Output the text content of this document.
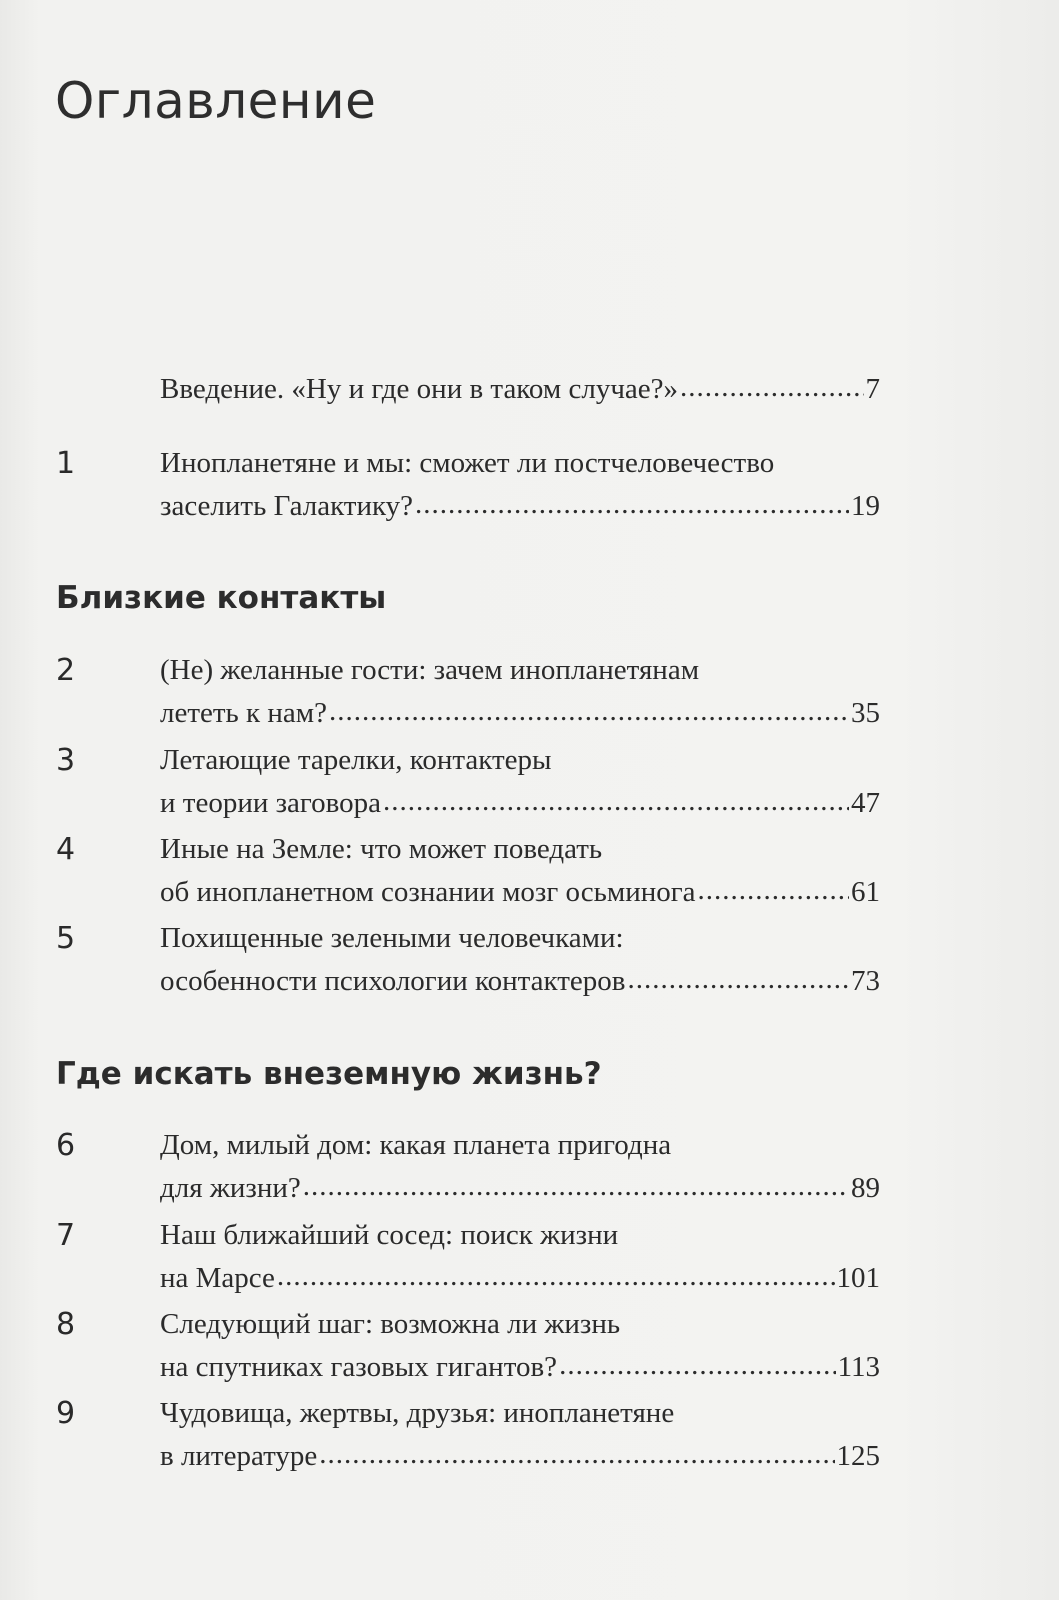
Оглавление
Введение. «Ну и где они в таком случае?» .....	7
1	Инопланетяне и мы: сможет ли постчеловечество
заселить Галактику? .....	19
Близкие контакты
2	(Не) желанные гости: зачем инопланетянам
лететь к нам? .....	35
3	Летающие тарелки, контактеры
и теории заговора .....	47
4	Иные на Земле: что может поведать
об инопланетном сознании мозг осьминога .....	61
5	Похищенные зелеными человечками:
особенности психологии контактеров .....	73
Где искать внеземную жизнь?
6	Дом, милый дом: какая планета пригодна
для жизни? .....	89
7	Наш ближайший сосед: поиск жизни
на Марсе .....	101
8	Следующий шаг: возможна ли жизнь
на спутниках газовых гигантов? .....	113
9	Чудовища, жертвы, друзья: инопланетяне
в литературе .....	125
